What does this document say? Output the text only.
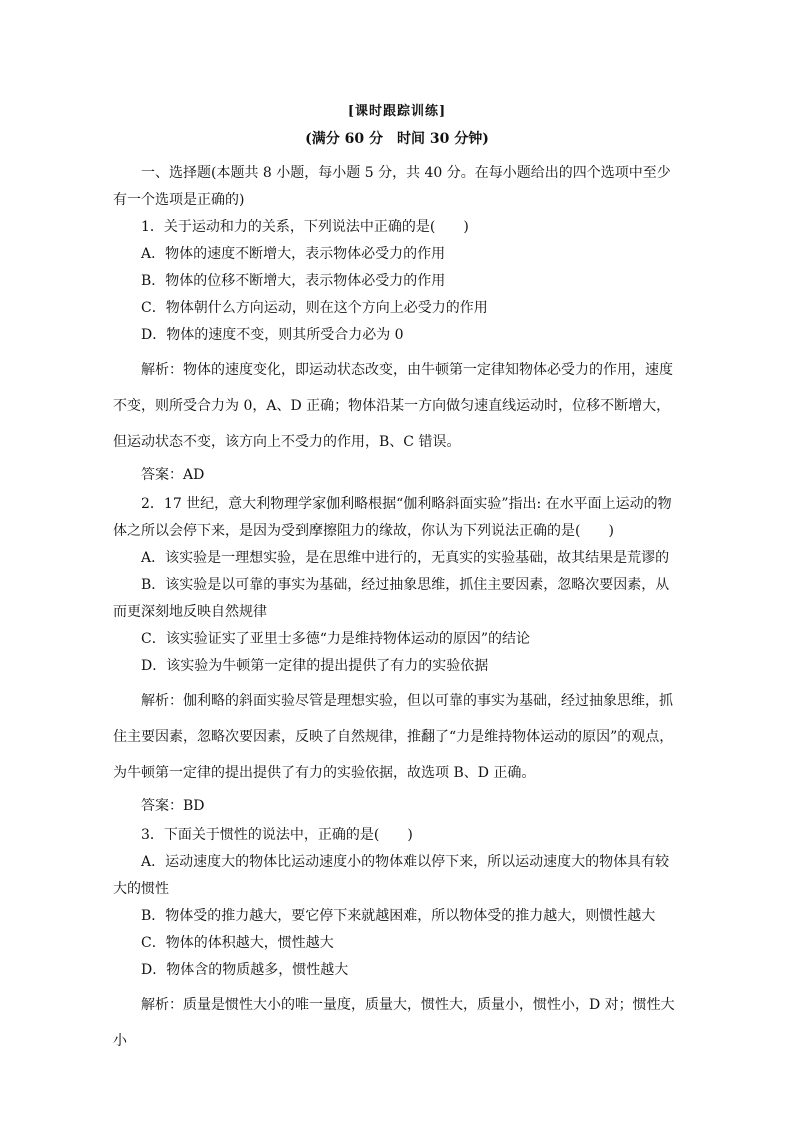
[课时跟踪训练]
(满分 60 分　时间 30 分钟)

一、选择题(本题共 8 小题，每小题 5 分，共 40 分。在每小题给出的四个选项中至少有一个选项是正确的)

1．关于运动和力的关系，下列说法中正确的是(　　)

A．物体的速度不断增大，表示物体必受力的作用

B．物体的位移不断增大，表示物体必受力的作用

C．物体朝什么方向运动，则在这个方向上必受力的作用

D．物体的速度不变，则其所受合力必为 0

解析：物体的速度变化，即运动状态改变，由牛顿第一定律知物体必受力的作用，速度不变，则所受合力为 0，A、D 正确；物体沿某一方向做匀速直线运动时，位移不断增大，但运动状态不变，该方向上不受力的作用，B、C 错误。

答案：AD

2．17 世纪，意大利物理学家伽利略根据“伽利略斜面实验”指出: 在水平面上运动的物体之所以会停下来，是因为受到摩擦阻力的缘故，你认为下列说法正确的是(　　)

A．该实验是一理想实验，是在思维中进行的，无真实的实验基础，故其结果是荒谬的

B．该实验是以可靠的事实为基础，经过抽象思维，抓住主要因素，忽略次要因素，从而更深刻地反映自然规律

C．该实验证实了亚里士多德“力是维持物体运动的原因”的结论

D．该实验为牛顿第一定律的提出提供了有力的实验依据

解析：伽利略的斜面实验尽管是理想实验，但以可靠的事实为基础，经过抽象思维，抓住主要因素，忽略次要因素，反映了自然规律，推翻了“力是维持物体运动的原因”的观点，为牛顿第一定律的提出提供了有力的实验依据，故选项 B、D 正确。

答案：BD

3．下面关于惯性的说法中，正确的是(　　)

A．运动速度大的物体比运动速度小的物体难以停下来，所以运动速度大的物体具有较大的惯性

B．物体受的推力越大，要它停下来就越困难，所以物体受的推力越大，则惯性越大

C．物体的体积越大，惯性越大

D．物体含的物质越多，惯性越大

解析：质量是惯性大小的唯一量度，质量大，惯性大，质量小，惯性小，D 对；惯性大小
